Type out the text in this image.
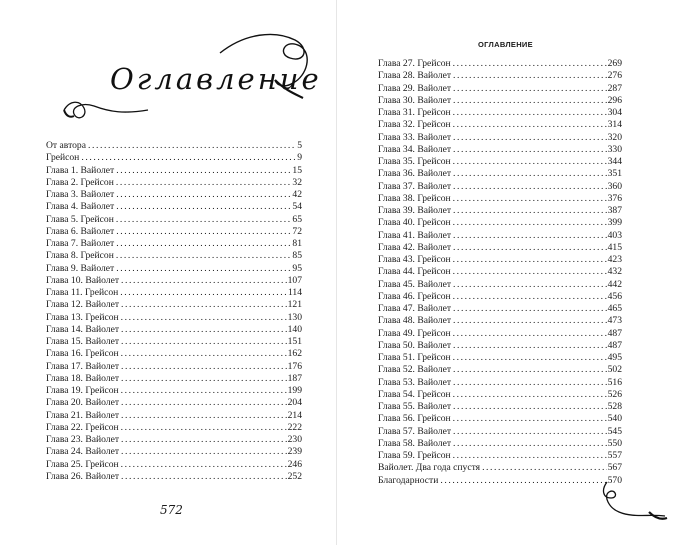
Оглавление
От автора .....	5
Грейсон .....	9
Глава 1. Вайолет .....	15
Глава 2. Грейсон .....	32
Глава 3. Вайолет .....	42
Глава 4. Вайолет .....	54
Глава 5. Грейсон .....	65
Глава 6. Вайолет .....	72
Глава 7. Вайолет .....	81
Глава 8. Грейсон .....	85
Глава 9. Вайолет .....	95
Глава 10. Вайолет .....	107
Глава 11. Грейсон .....	114
Глава 12. Вайолет .....	121
Глава 13. Грейсон .....	130
Глава 14. Вайолет .....	140
Глава 15. Вайолет .....	151
Глава 16. Грейсон .....	162
Глава 17. Вайолет .....	176
Глава 18. Вайолет .....	187
Глава 19. Грейсон .....	199
Глава 20. Вайолет .....	204
Глава 21. Вайолет .....	214
Глава 22. Грейсон .....	222
Глава 23. Вайолет .....	230
Глава 24. Вайолет .....	239
Глава 25. Грейсон .....	246
Глава 26. Вайолет .....	252
572
ОГЛАВЛЕНИЕ
Глава 27. Грейсон .....	269
Глава 28. Вайолет .....	276
Глава 29. Вайолет .....	287
Глава 30. Вайолет .....	296
Глава 31. Грейсон .....	304
Глава 32. Грейсон .....	314
Глава 33. Вайолет .....	320
Глава 34. Вайолет .....	330
Глава 35. Грейсон .....	344
Глава 36. Вайолет .....	351
Глава 37. Вайолет .....	360
Глава 38. Грейсон .....	376
Глава 39. Вайолет .....	387
Глава 40. Грейсон .....	399
Глава 41. Вайолет .....	403
Глава 42. Вайолет .....	415
Глава 43. Грейсон .....	423
Глава 44. Грейсон .....	432
Глава 45. Вайолет .....	442
Глава 46. Грейсон .....	456
Глава 47. Вайолет .....	465
Глава 48. Вайолет .....	473
Глава 49. Грейсон .....	487
Глава 50. Вайолет .....	487
Глава 51. Грейсон .....	495
Глава 52. Вайолет .....	502
Глава 53. Вайолет .....	516
Глава 54. Грейсон .....	526
Глава 55. Вайолет .....	528
Глава 56. Грейсон .....	540
Глава 57. Вайолет .....	545
Глава 58. Вайолет .....	550
Глава 59. Грейсон .....	557
Вайолет. Два года спустя .....	567
Благодарности .....	570
